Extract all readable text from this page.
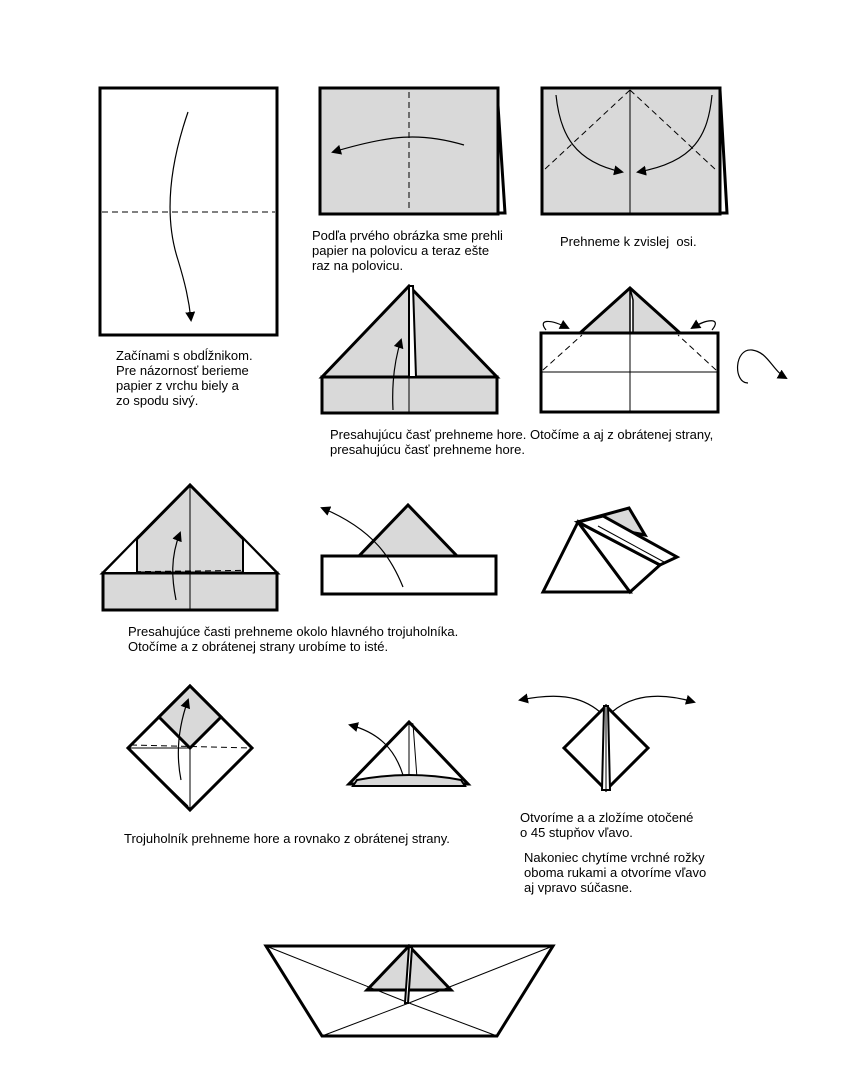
Začínami s obdĺžnikom.
Pre názornosť berieme
papier z vrchu biely a
zo spodu sivý.

Podľa prvého obrázka sme prehli
papier na polovicu a teraz ešte
raz na polovicu.

Prehneme k zvislej  osi.

Presahujúcu časť prehneme hore. Otočíme a aj z obrátenej strany,
presahujúcu časť prehneme hore.

Presahujúce časti prehneme okolo hlavného trojuholníka.
Otočíme a z obrátenej strany urobíme to isté.

Trojuholník prehneme hore a rovnako z obrátenej strany.

Otvoríme a a zložíme otočené
o 45 stupňov vľavo.

Nakoniec chytíme vrchné rožky
oboma rukami a otvoríme vľavo
aj vpravo súčasne.
